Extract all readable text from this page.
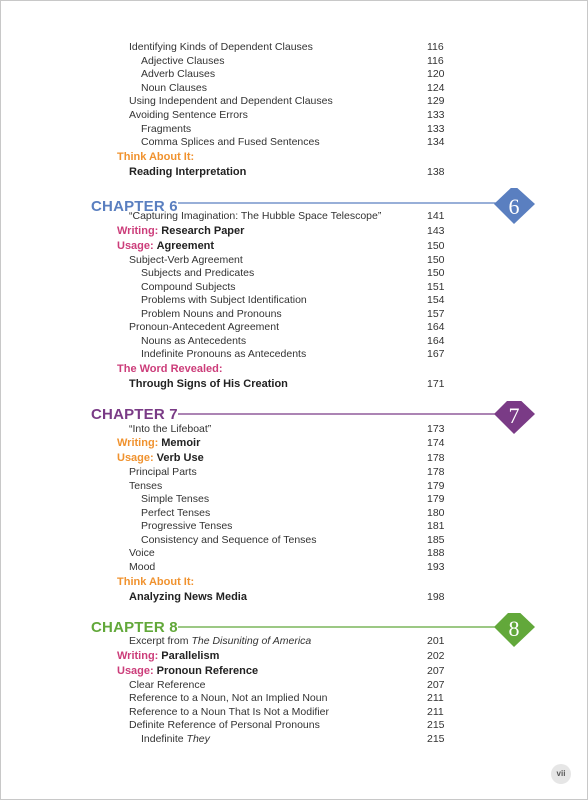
Identifying Kinds of Dependent Clauses	116
Adjective Clauses	116
Adverb Clauses	120
Noun Clauses	124
Using Independent and Dependent Clauses	129
Avoiding Sentence Errors	133
Fragments	133
Comma Splices and Fused Sentences	134
Think About It:
Reading Interpretation	138
6
CHAPTER 6
“Capturing Imagination: The Hubble Space Telescope”	141
Writing: Research Paper	143
Usage: Agreement	150
Subject-Verb Agreement	150
Subjects and Predicates	150
Compound Subjects	151
Problems with Subject Identification	154
Problem Nouns and Pronouns	157
Pronoun-Antecedent Agreement	164
Nouns as Antecedents	164
Indefinite Pronouns as Antecedents	167
The Word Revealed:
Through Signs of His Creation	171
7
CHAPTER 7
“Into the Lifeboat”	173
Writing: Memoir	174
Usage: Verb Use	178
Principal Parts	178
Tenses	179
Simple Tenses	179
Perfect Tenses	180
Progressive Tenses	181
Consistency and Sequence of Tenses	185
Voice	188
Mood	193
Think About It:
Analyzing News Media	198
8
CHAPTER 8
Excerpt from The Disuniting of America	201
Writing: Parallelism	202
Usage: Pronoun Reference	207
Clear Reference	207
Reference to a Noun, Not an Implied Noun	211
Reference to a Noun That Is Not a Modifier	211
Definite Reference of Personal Pronouns	215
Indefinite They	215
vii
